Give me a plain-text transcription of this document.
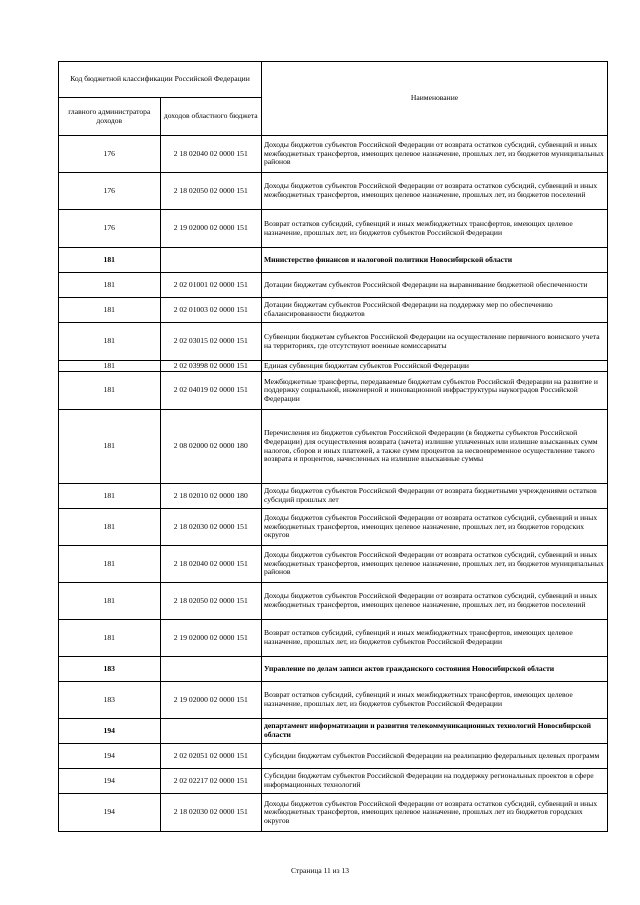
Код бюджетной классификации Российской Федерации		Наименование
главного администратора доходов	доходов областного бюджета	
176	2 18 02040 02 0000 151	Доходы бюджетов субъектов Российской Федерации от возврата остатков субсидий, субвенций и иных межбюджетных трансфертов, имеющих целевое назначение, прошлых лет, из бюджетов муниципальных районов
176	2 18 02050 02 0000 151	Доходы бюджетов субъектов Российской Федерации от возврата остатков субсидий, субвенций и иных межбюджетных трансфертов, имеющих целевое назначение, прошлых лет, из бюджетов поселений
176	2 19 02000 02 0000 151	Возврат остатков субсидий, субвенций и иных межбюджетных трансфертов, имеющих целевое назначение, прошлых лет, из бюджетов субъектов Российской Федерации
181		Министерство финансов и налоговой политики Новосибирской области
181	2 02 01001 02 0000 151	Дотации бюджетам субъектов Российской Федерации на выравнивание бюджетной обеспеченности
181	2 02 01003 02 0000 151	Дотации бюджетам субъектов Российской Федерации на поддержку мер по обеспечению сбалансированности бюджетов
181	2 02 03015 02 0000 151	Субвенции бюджетам субъектов Российской Федерации на осуществление первичного воинского учета на территориях, где отсутствуют военные комиссариаты
181	2 02 03998 02 0000 151	Единая субвенция бюджетам субъектов Российской Федерации
181	2 02 04019 02 0000 151	Межбюджетные трансферты, передаваемые бюджетам субъектов Российской Федерации на развитие и поддержку социальной, инженерной и инновационной инфраструктуры наукоградов Российской Федерации
181	2 08 02000 02 0000 180	Перечисления из бюджетов субъектов Российской Федерации (в бюджеты субъектов Российской Федерации) для осуществления возврата (зачета) излишне уплаченных или излишне взысканных сумм налогов, сборов и иных платежей, а также сумм процентов за несвоевременное осуществление такого возврата и процентов, начисленных на излишне взысканные суммы
181	2 18 02010 02 0000 180	Доходы бюджетов субъектов Российской Федерации от возврата бюджетными учреждениями остатков субсидий прошлых лет
181	2 18 02030 02 0000 151	Доходы бюджетов субъектов Российской Федерации от возврата остатков субсидий, субвенций и иных межбюджетных трансфертов, имеющих целевое назначение, прошлых лет, из бюджетов городских округов
181	2 18 02040 02 0000 151	Доходы бюджетов субъектов Российской Федерации от возврата остатков субсидий, субвенций и иных межбюджетных трансфертов, имеющих целевое назначение, прошлых лет, из бюджетов муниципальных районов
181	2 18 02050 02 0000 151	Доходы бюджетов субъектов Российской Федерации от возврата остатков субсидий, субвенций и иных межбюджетных трансфертов, имеющих целевое назначение, прошлых лет, из бюджетов поселений
181	2 19 02000 02 0000 151	Возврат остатков субсидий, субвенций и иных межбюджетных трансфертов, имеющих целевое назначение, прошлых лет, из бюджетов субъектов Российской Федерации
183		Управление по делам записи актов гражданского состояния Новосибирской области
183	2 19 02000 02 0000 151	Возврат остатков субсидий, субвенций и иных межбюджетных трансфертов, имеющих целевое назначение, прошлых лет, из бюджетов субъектов Российской Федерации
194		департамент информатизации и развития телекоммуникационных технологий Новосибирской области
194	2 02 02051 02 0000 151	Субсидии бюджетам субъектов Российской Федерации на реализацию федеральных целевых программ
194	2 02 02217 02 0000 151	Субсидии бюджетам субъектов Российской Федерации на поддержку региональных проектов в сфере информационных технологий
194	2 18 02030 02 0000 151	Доходы бюджетов субъектов Российской Федерации от возврата остатков субсидий, субвенций и иных межбюджетных трансфертов, имеющих целевое назначение, прошлых лет из бюджетов городских округов
Страница 11 из 13
